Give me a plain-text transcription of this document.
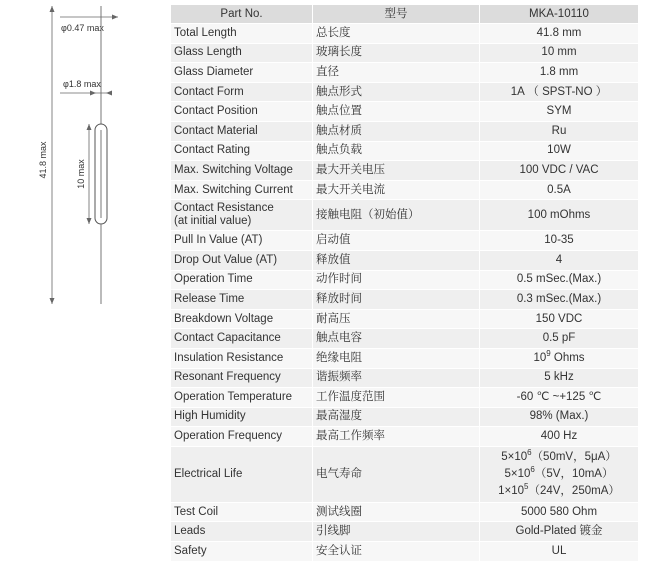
φ0.47 max
φ1.8 max
10 max
41.8 max
Part No.	型号	MKA-10110
Total Length	总长度	41.8 mm
Glass Length	玻璃长度	10 mm
Glass Diameter	直径	1.8 mm
Contact Form	触点形式	1A （ SPST-NO ）
Contact Position	触点位置	SYM
Contact Material	触点材质	Ru
Contact Rating	触点负载	10W
Max. Switching Voltage	最大开关电压	100 VDC / VAC
Max. Switching Current	最大开关电流	0.5A

Contact Resistance
(at initial value)	接触电阻（初始值）	100 mOhms
Pull In Value (AT)	启动值	10-35
Drop Out Value (AT)	释放值	4
Operation Time	动作时间	0.5 mSec.(Max.)
Release Time	释放时间	0.3 mSec.(Max.)
Breakdown Voltage	耐高压	150 VDC
Contact Capacitance	触点电容	0.5 pF
Insulation Resistance	绝缘电阻	$10^9$ Ohms
Resonant Frequency	谐振频率	5 kHz
Operation Temperature	工作温度范围	-60 ℃ ~+125 ℃
High Humidity	最高湿度	98% (Max.)
Operation Frequency	最高工作频率	400 Hz
Electrical Life	电气寿命	$5\times 10^6(50mV$，5μA）
$5\times 10^6(5V$，10mA）
$1\times 10^5(24V$，250mA）

Test Coil	测试线圈	5000 580 Ohm
Leads	引线脚	Gold-Plated 镀金
Safety	安全认证	UL
